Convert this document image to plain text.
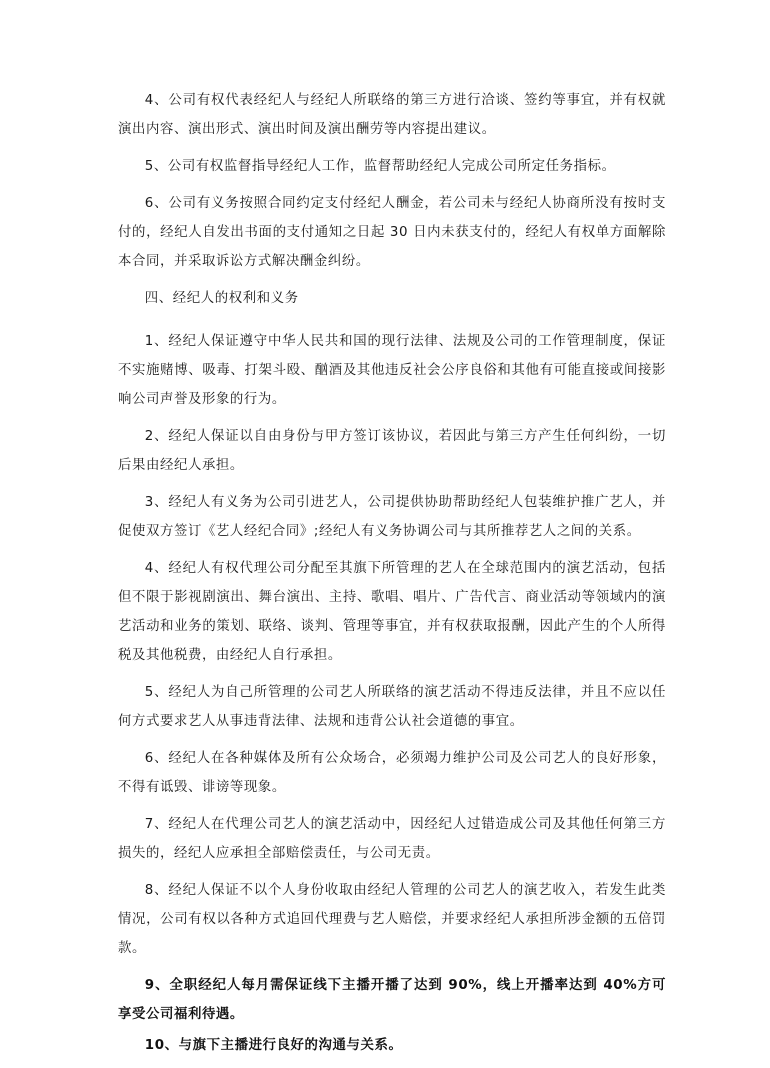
4、公司有权代表经纪人与经纪人所联络的第三方进行洽谈、签约等事宜，并有权就演出内容、演出形式、演出时间及演出酬劳等内容提出建议。

5、公司有权监督指导经纪人工作，监督帮助经纪人完成公司所定任务指标。

6、公司有义务按照合同约定支付经纪人酬金，若公司未与经纪人协商所没有按时支付的，经纪人自发出书面的支付通知之日起 30 日内未获支付的，经纪人有权单方面解除本合同，并采取诉讼方式解决酬金纠纷。

四、经纪人的权利和义务

1、经纪人保证遵守中华人民共和国的现行法律、法规及公司的工作管理制度，保证不实施赌博、吸毒、打架斗殴、酗酒及其他违反社会公序良俗和其他有可能直接或间接影响公司声誉及形象的行为。

2、经纪人保证以自由身份与甲方签订该协议，若因此与第三方产生任何纠纷，一切后果由经纪人承担。

3、经纪人有义务为公司引进艺人，公司提供协助帮助经纪人包装维护推广艺人，并促使双方签订《艺人经纪合同》;经纪人有义务协调公司与其所推荐艺人之间的关系。

4、经纪人有权代理公司分配至其旗下所管理的艺人在全球范围内的演艺活动，包括但不限于影视剧演出、舞台演出、主持、歌唱、唱片、广告代言、商业活动等领域内的演艺活动和业务的策划、联络、谈判、管理等事宜，并有权获取报酬，因此产生的个人所得税及其他税费，由经纪人自行承担。

5、经纪人为自己所管理的公司艺人所联络的演艺活动不得违反法律，并且不应以任何方式要求艺人从事违背法律、法规和违背公认社会道德的事宜。

6、经纪人在各种媒体及所有公众场合，必须竭力维护公司及公司艺人的良好形象，不得有诋毁、诽谤等现象。

7、经纪人在代理公司艺人的演艺活动中，因经纪人过错造成公司及其他任何第三方损失的，经纪人应承担全部赔偿责任，与公司无责。

8、经纪人保证不以个人身份收取由经纪人管理的公司艺人的演艺收入，若发生此类情况，公司有权以各种方式追回代理费与艺人赔偿，并要求经纪人承担所涉金额的五倍罚款。

9、全职经纪人每月需保证线下主播开播了达到 90%，线上开播率达到 40%方可享受公司福利待遇。

10、与旗下主播进行良好的沟通与关系。
